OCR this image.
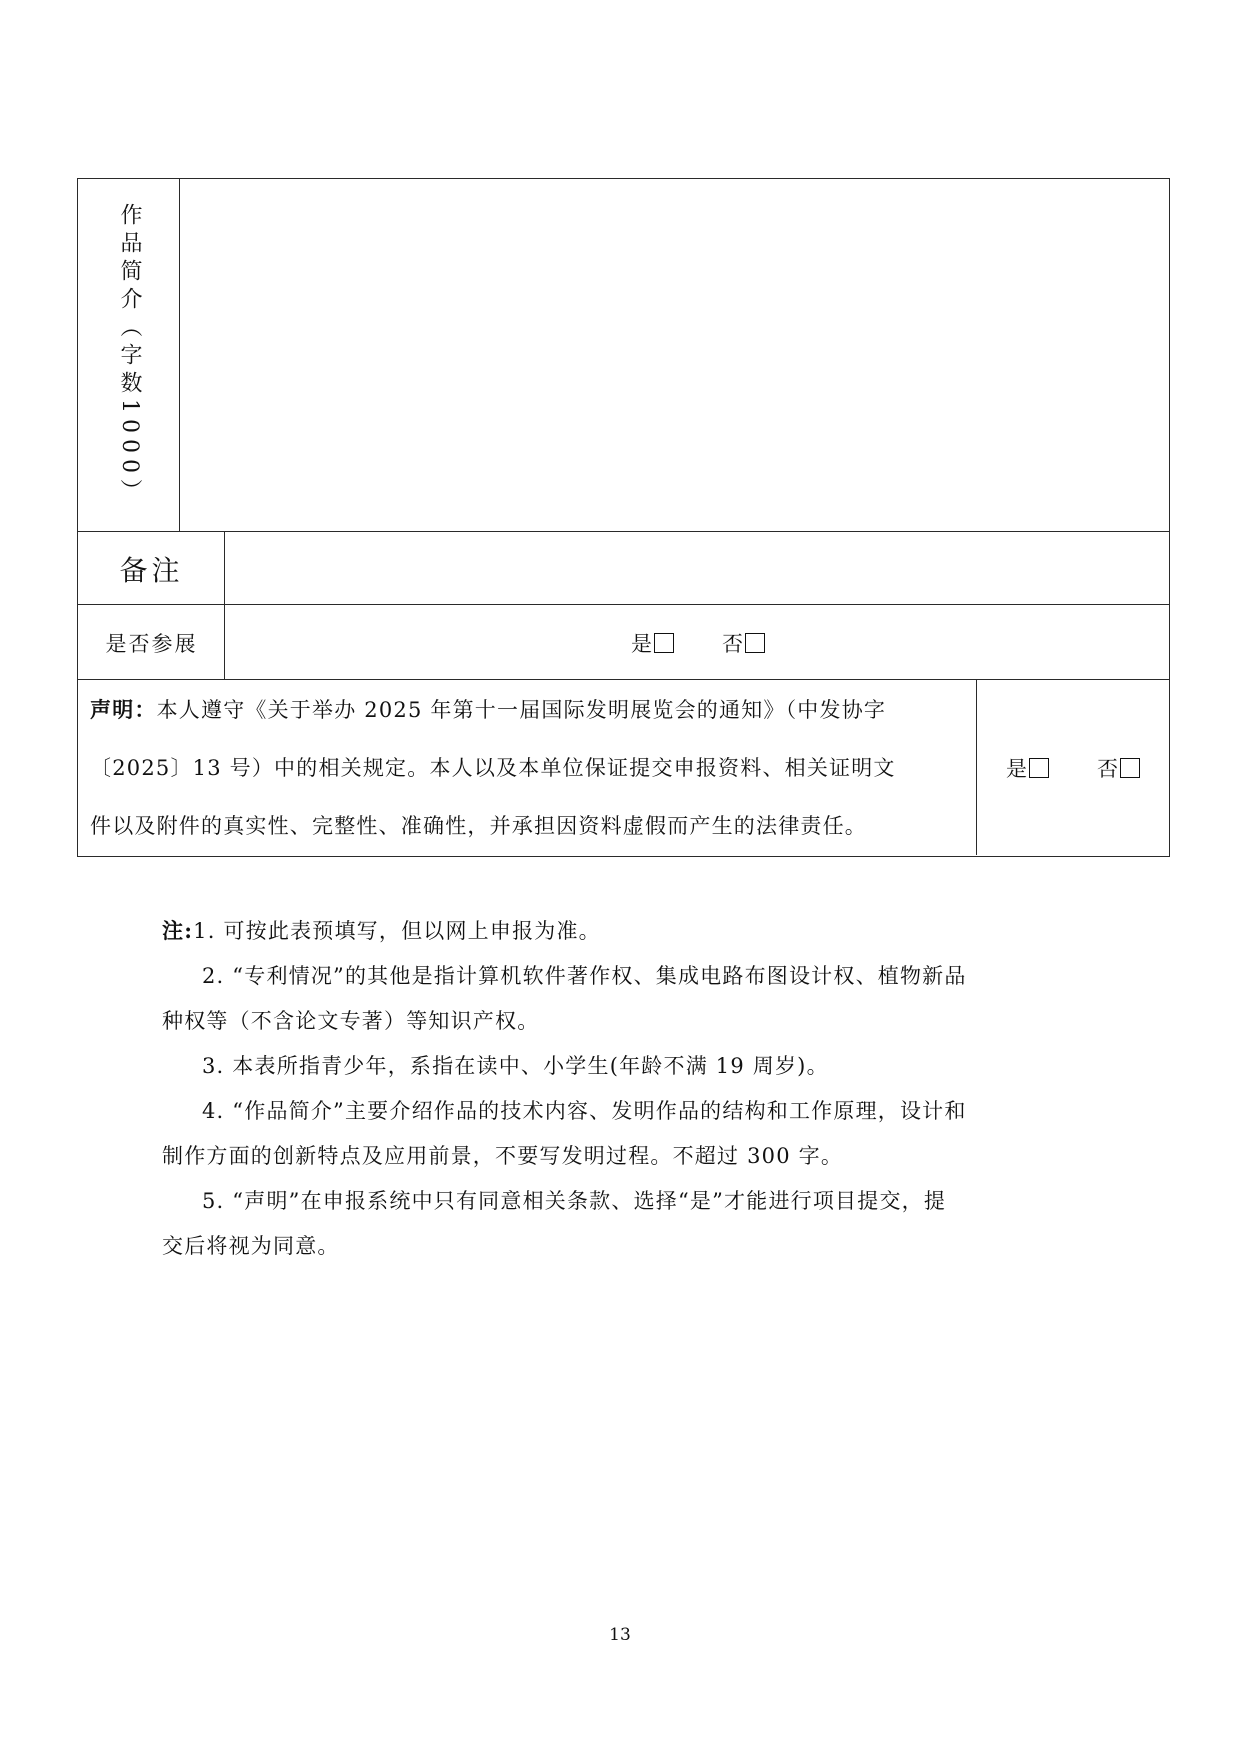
作品简介（字数1000）
备注
是否参展	是	否
声明：本人遵守《关于举办 2025 年第十一届国际发明展览会的通知》（中发协字
〔2025〕13 号）中的相关规定。本人以及本单位保证提交申报资料、相关证明文
件以及附件的真实性、完整性、准确性，并承担因资料虚假而产生的法律责任。
是	否
注:1. 可按此表预填写，但以网上申报为准。
2. “专利情况”的其他是指计算机软件著作权、集成电路布图设计权、植物新品
种权等（不含论文专著）等知识产权。
3. 本表所指青少年，系指在读中、小学生(年龄不满 19 周岁)。
4. “作品简介”主要介绍作品的技术内容、发明作品的结构和工作原理，设计和
制作方面的创新特点及应用前景，不要写发明过程。不超过 300 字。
5. “声明”在申报系统中只有同意相关条款、选择“是”才能进行项目提交，提
交后将视为同意。
13
